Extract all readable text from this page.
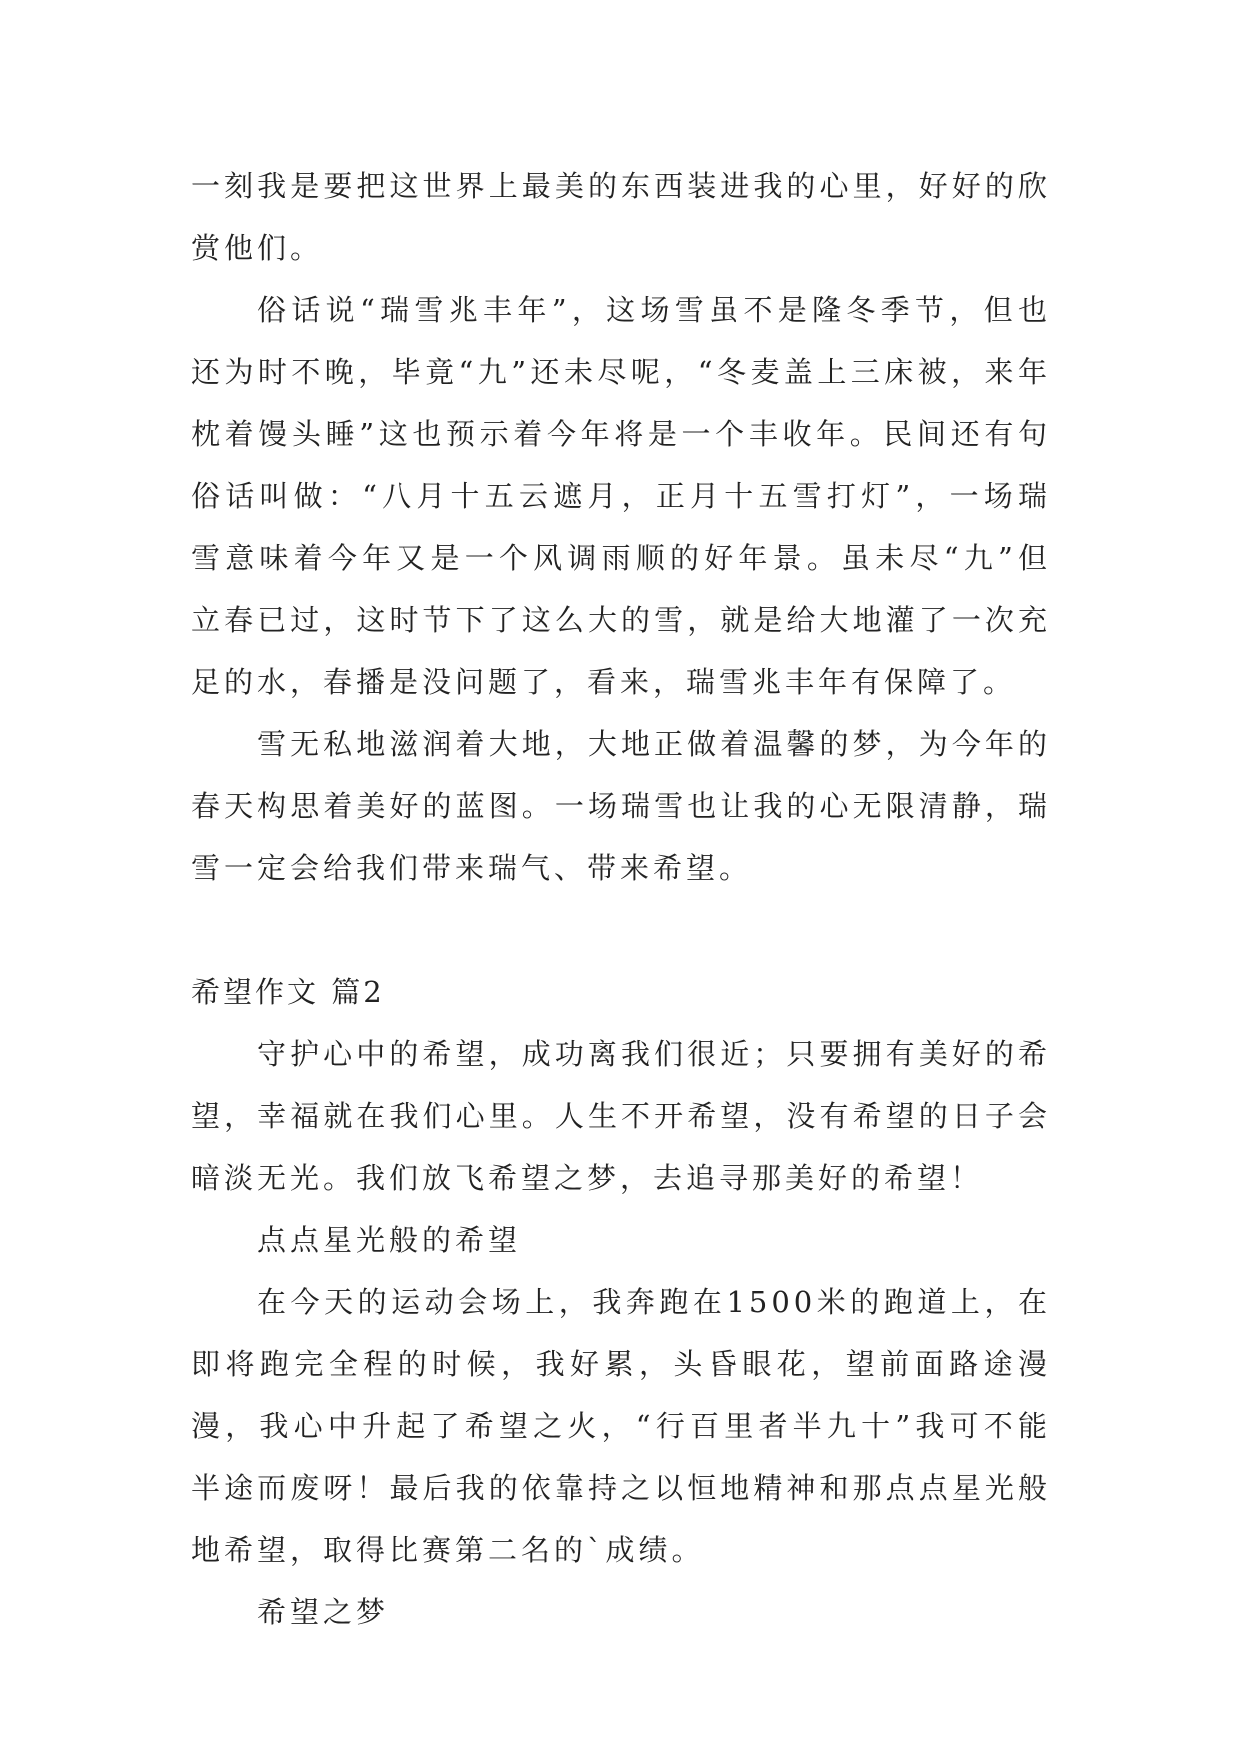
一刻我是要把这世界上最美的东西装进我的心里，好好的欣赏他们。

俗话说“瑞雪兆丰年”，这场雪虽不是隆冬季节，但也还为时不晚，毕竟“九”还未尽呢，“冬麦盖上三床被，来年枕着馒头睡”这也预示着今年将是一个丰收年。民间还有句俗话叫做：“八月十五云遮月，正月十五雪打灯”，一场瑞雪意味着今年又是一个风调雨顺的好年景。虽未尽“九”但立春已过，这时节下了这么大的雪，就是给大地灌了一次充足的水，春播是没问题了，看来，瑞雪兆丰年有保障了。

雪无私地滋润着大地，大地正做着温馨的梦，为今年的春天构思着美好的蓝图。一场瑞雪也让我的心无限清静，瑞雪一定会给我们带来瑞气、带来希望。

希望作文 篇2

守护心中的希望，成功离我们很近；只要拥有美好的希望，幸福就在我们心里。人生不开希望，没有希望的日子会暗淡无光。我们放飞希望之梦，去追寻那美好的希望！

点点星光般的希望

在今天的运动会场上，我奔跑在1500米的跑道上，在即将跑完全程的时候，我好累，头昏眼花，望前面路途漫漫，我心中升起了希望之火，“行百里者半九十”我可不能半途而废呀！最后我的依靠持之以恒地精神和那点点星光般地希望，取得比赛第二名的`成绩。

希望之梦
